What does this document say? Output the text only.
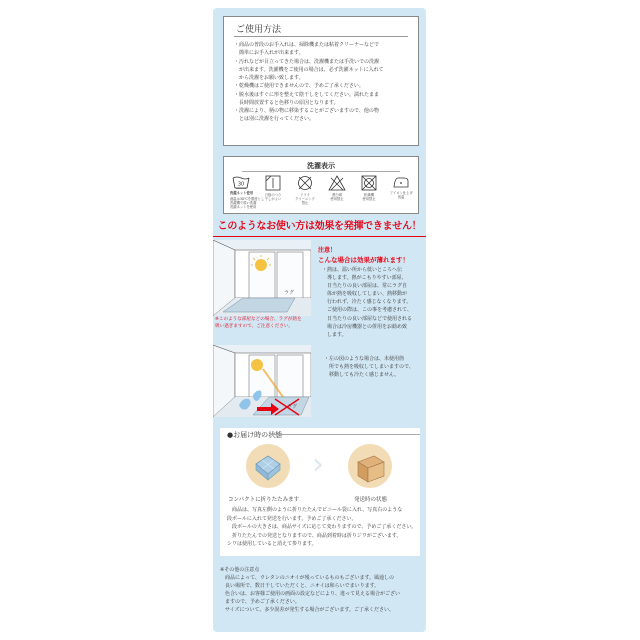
ご使用方法
・商品の普段のお手入れは、掃除機または粘着クリーナーなどで
　簡単にお手入れが出来ます。
・汚れなどが目立ってきた場合は、洗濯機または手洗いでの洗濯
　が出来ます。洗濯機をご使用の場合は、必ず洗濯ネットに入れて
　から洗濯をお願い致します。
・乾燥機はご使用できませんので、予めご了承ください。
・脱水後はすぐに形を整えて陰干しをしてください。濡れたまま
　長時間放置すると色移りの原因となります。
・洗濯により、柄の物に移染することがございますので、他の物
　とは別に洗濯を行ってください。
洗濯表示
30
洗濯ネット使用
液温は30℃を限度とし
洗濯機で弱い洗濯
洗濯ネットを使用
日陰のつり
干しがよい
ドライ
クリーニング
禁止
漂白剤
使用禁止
乾燥機
使用禁止
アイロン仕上げ
低温
このようなお使い方は効果を発揮できません！
ラグ
※このような部屋などの場合、ラグが熱を
吸い過ぎますので、ご注意ください。
注意！
こんな場合は効果が薄れます！
・熱は、温い所から低いところへ伝
　導します。熱がこもりやすい部屋、
　日当たりの良い部屋は、常にラグ自
　体が熱を吸収してしまい、熱移動が
　行われず、冷たく感じなくなります。
　ご使用の際は、この事を考慮されて、
　日当たりの良い部屋などで使用される
　場合は冷房機器との併用をお勧め致
　します。
ラグ
・左の図のような場合は、未使用箇
　所でも熱を吸収してしまいますので、
　移動しても冷たく感じません。
●お届け時の状態
›
コンパクトに折りたたみます	発送時の状態
　商品は、写真左側のように折りたたんでビニール袋に入れ、写真右のような
段ボールに入れて発送を行います。予めご了承ください。
　段ボールの大きさは、商品サイズに応じて変わりますので、予めご了承ください。
　折りたたんでの発送となりますので、商品到着時は折りジワがございます。
シワは使用していると消えて参ります。
※その他の注意点
　商品によって、ウレタンのニオイが残っているものもございます。風通しの
　良い場所で、数日干していただくと、ニオイは和らいでまいります。
　色合いは、お客様ご使用の画面の設定などにより、違って見える場合がござい
　ますので、予めご了承ください。
　サイズについて、多少誤差が発生する場合がございます。ご了承ください。
